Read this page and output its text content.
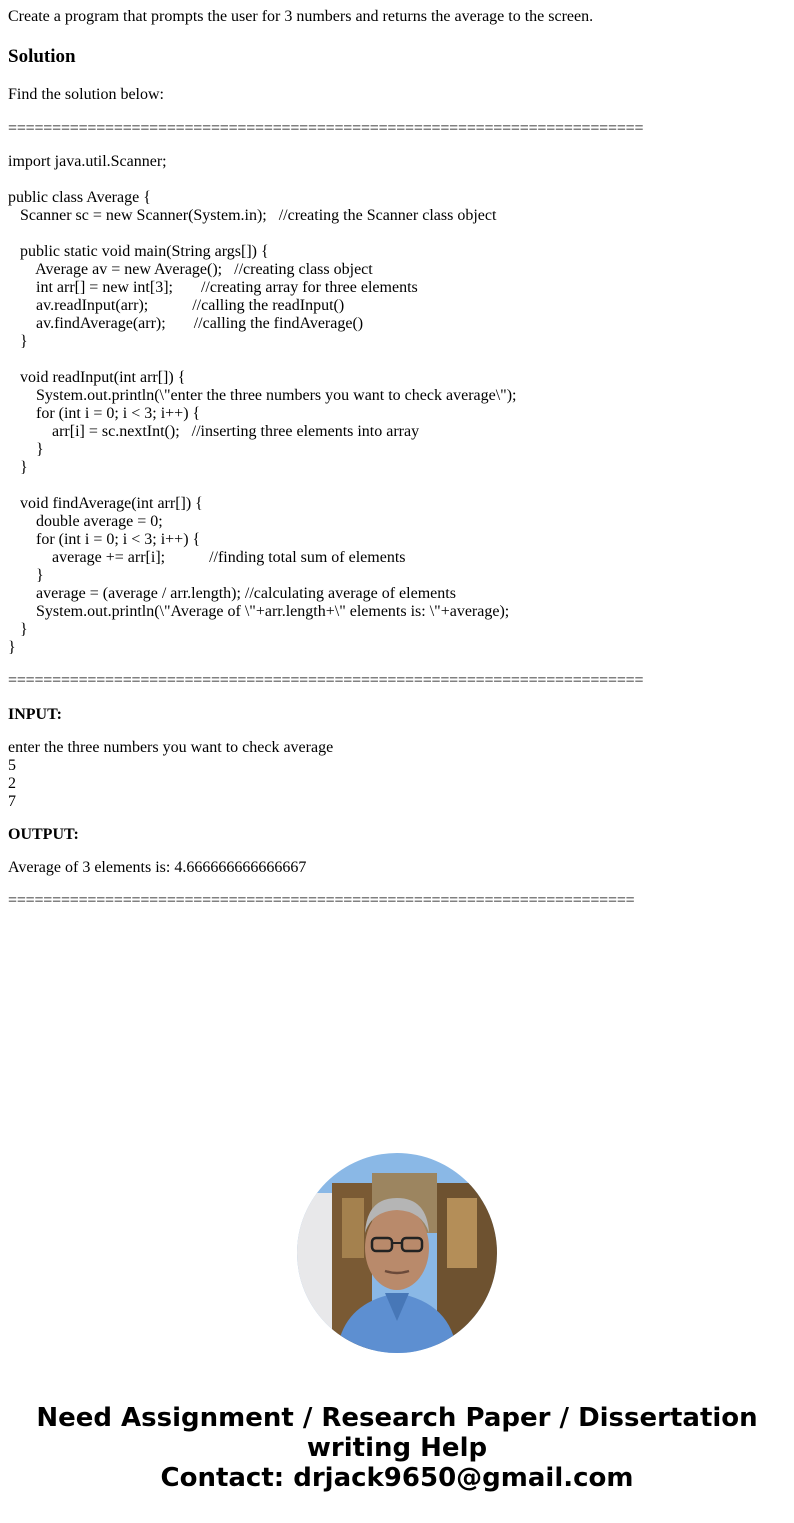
Create a program that prompts the user for 3 numbers and returns the average to the screen.

Solution

Find the solution below:

========================================================================
import java.util.Scanner;
public class Average {
Scanner sc = new Scanner(System.in);   //creating the Scanner class object
public static void main(String args[]) {
Average av = new Average();   //creating class object
int arr[] = new int[3];       //creating array for three elements
av.readInput(arr);           //calling the readInput()
av.findAverage(arr);       //calling the findAverage()
}
void readInput(int arr[]) {
System.out.println(\"enter the three numbers you want to check average\");
for (int i = 0; i < 3; i++) {
arr[i] = sc.nextInt();   //inserting three elements into array
}
}
void findAverage(int arr[]) {
double average = 0;
for (int i = 0; i < 3; i++) {
average += arr[i];           //finding total sum of elements
}
average = (average / arr.length); //calculating average of elements
System.out.println(\"Average of \"+arr.length+\" elements is: \"+average);
}
}
========================================================================
INPUT:
enter the three numbers you want to check average
5
2
7
OUTPUT:
Average of 3 elements is: 4.666666666666667
=======================================================================
Need Assignment / Research Paper / Dissertation
writing Help
Contact: drjack9650@gmail.com
